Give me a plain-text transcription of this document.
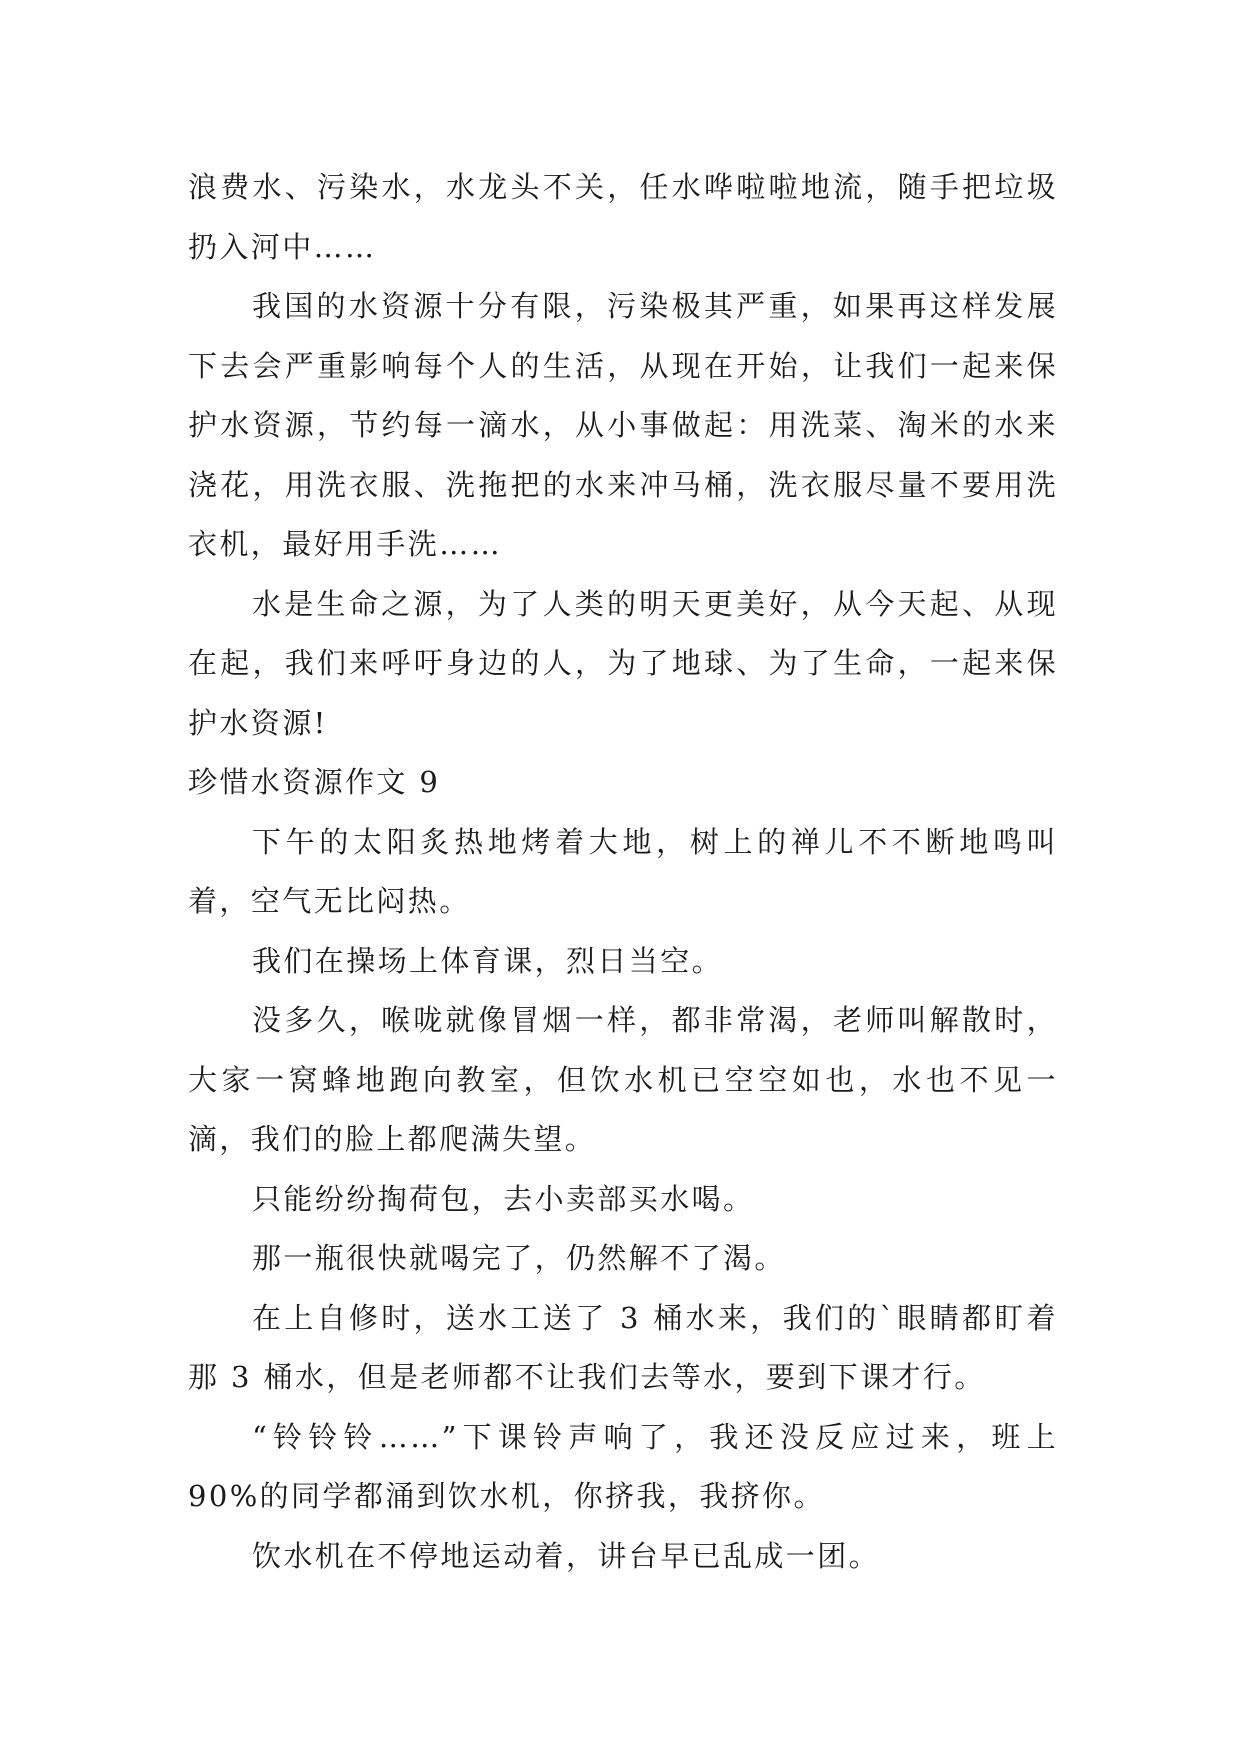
浪费水、污染水，水龙头不关，任水哗啦啦地流，随手把垃圾扔入河中……

我国的水资源十分有限，污染极其严重，如果再这样发展下去会严重影响每个人的生活，从现在开始，让我们一起来保护水资源，节约每一滴水，从小事做起：用洗菜、淘米的水来浇花，用洗衣服、洗拖把的水来冲马桶，洗衣服尽量不要用洗衣机，最好用手洗……

水是生命之源，为了人类的明天更美好，从今天起、从现在起，我们来呼吁身边的人，为了地球、为了生命，一起来保护水资源!

珍惜水资源作文 9

下午的太阳炙热地烤着大地，树上的禅儿不不断地鸣叫着，空气无比闷热。

我们在操场上体育课，烈日当空。

没多久，喉咙就像冒烟一样，都非常渴，老师叫解散时，大家一窝蜂地跑向教室，但饮水机已空空如也，水也不见一滴，我们的脸上都爬满失望。

只能纷纷掏荷包，去小卖部买水喝。

那一瓶很快就喝完了，仍然解不了渴。

在上自修时，送水工送了 3 桶水来，我们的`眼睛都盯着那 3 桶水，但是老师都不让我们去等水，要到下课才行。

“铃铃铃……”下课铃声响了，我还没反应过来，班上 90%的同学都涌到饮水机，你挤我，我挤你。

饮水机在不停地运动着，讲台早已乱成一团。
